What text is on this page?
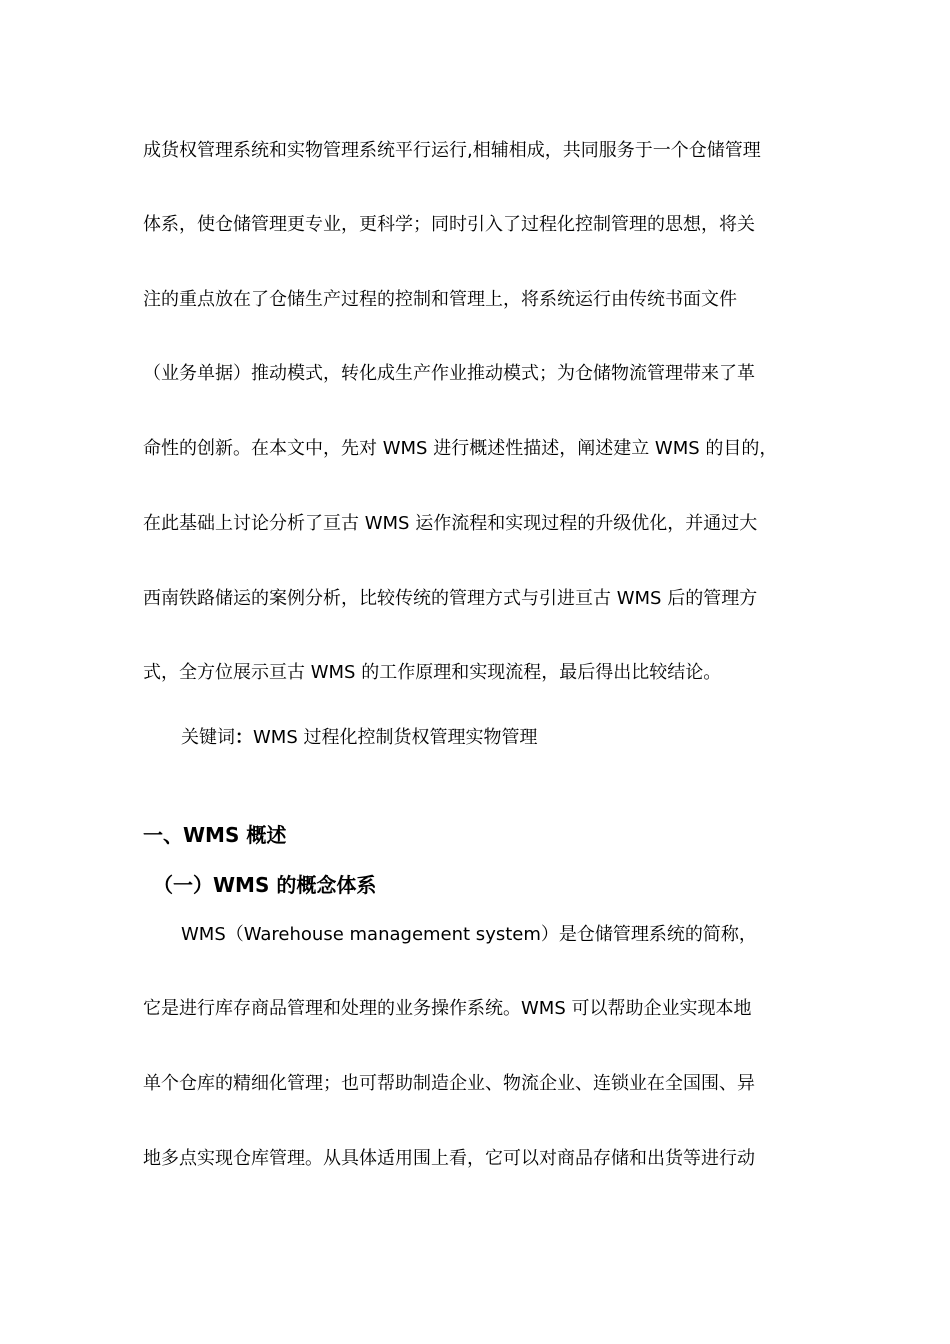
成货权管理系统和实物管理系统平行运行,相辅相成，共同服务于一个仓储管理
体系，使仓储管理更专业，更科学；同时引入了过程化控制管理的思想，将关
注的重点放在了仓储生产过程的控制和管理上，将系统运行由传统书面文件
（业务单据）推动模式，转化成生产作业推动模式；为仓储物流管理带来了革
命性的创新。在本文中，先对 WMS 进行概述性描述，阐述建立 WMS 的目的，
在此基础上讨论分析了亘古 WMS 运作流程和实现过程的升级优化，并通过大
西南铁路储运的案例分析，比较传统的管理方式与引进亘古 WMS 后的管理方
式，全方位展示亘古 WMS 的工作原理和实现流程，最后得出比较结论。
关键词：WMS 过程化控制货权管理实物管理
一、WMS 概述
（一）WMS 的概念体系
WMS（Warehouse management system）是仓储管理系统的简称，
它是进行库存商品管理和处理的业务操作系统。WMS 可以帮助企业实现本地
单个仓库的精细化管理；也可帮助制造企业、物流企业、连锁业在全国围、异
地多点实现仓库管理。从具体适用围上看，它可以对商品存储和出货等进行动
